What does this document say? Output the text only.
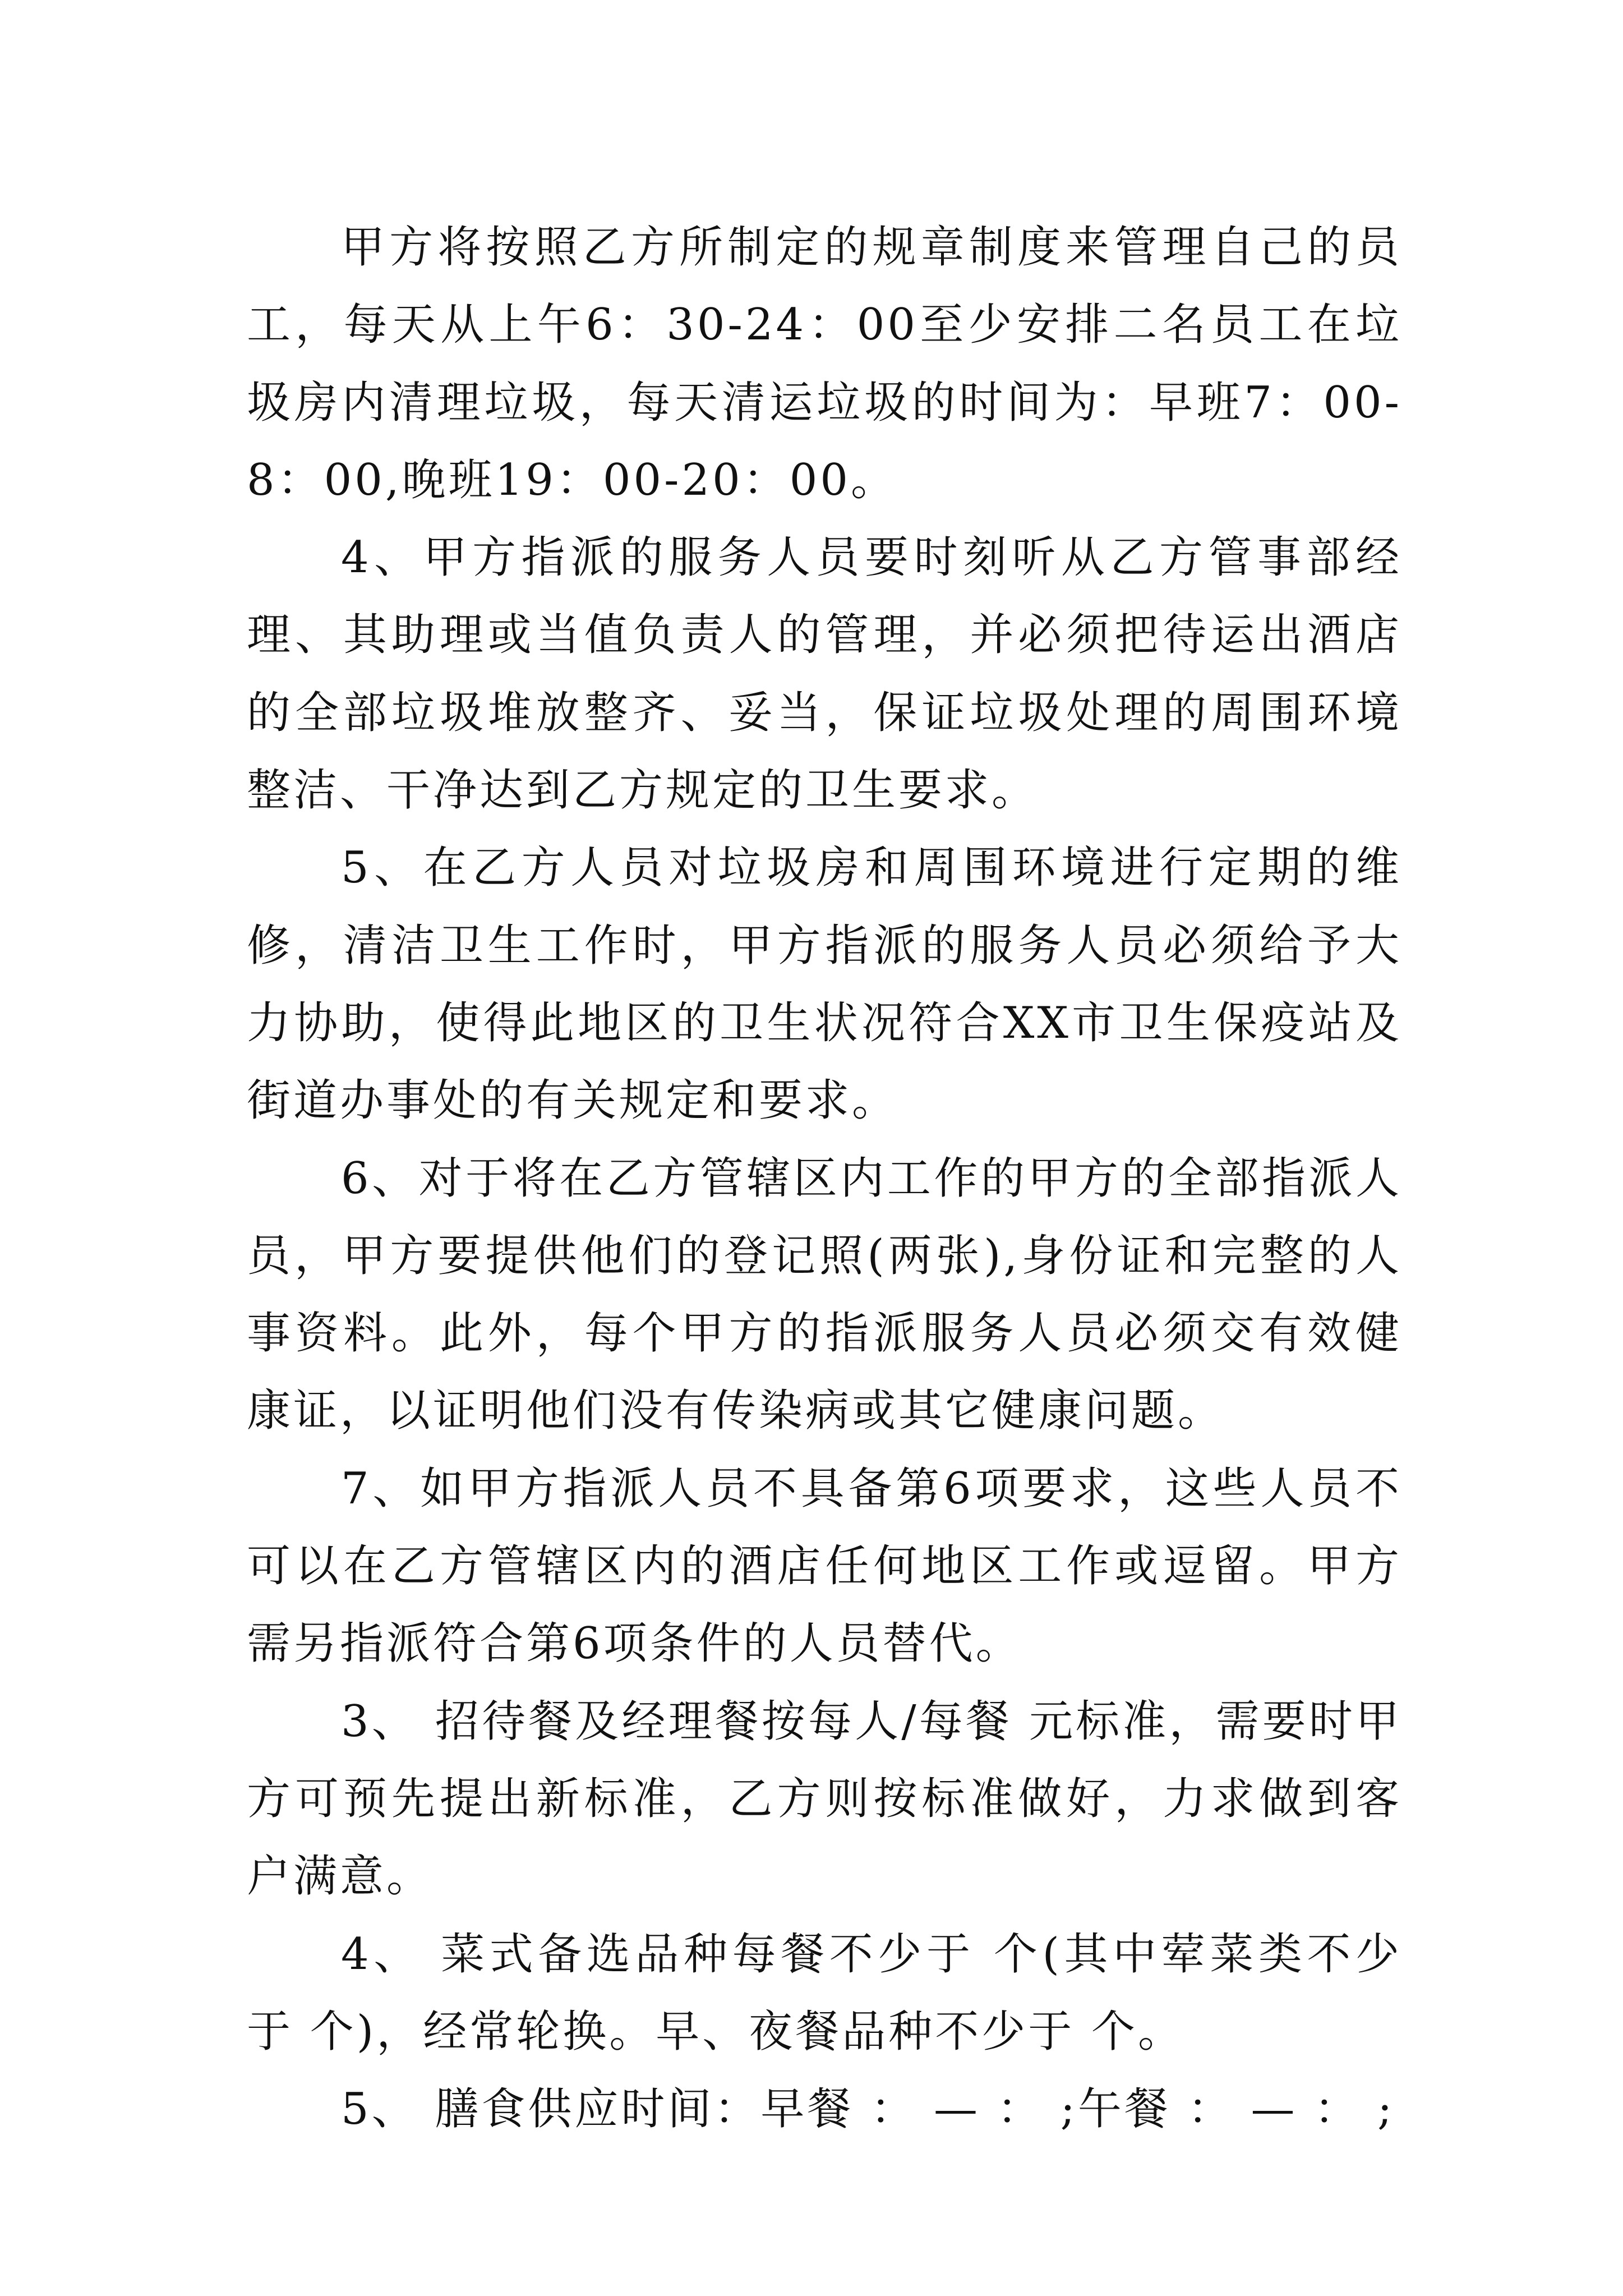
甲方将按照乙方所制定的规章制度来管理自己的员工，每天从上午6：30-24：00至少安排二名员工在垃圾房内清理垃圾，每天清运垃圾的时间为：早班7：00-8：00,晚班19：00-20：00。

4、甲方指派的服务人员要时刻听从乙方管事部经理、其助理或当值负责人的管理，并必须把待运出酒店的全部垃圾堆放整齐、妥当，保证垃圾处理的周围环境整洁、干净达到乙方规定的卫生要求。

5、在乙方人员对垃圾房和周围环境进行定期的维修，清洁卫生工作时，甲方指派的服务人员必须给予大力协助，使得此地区的卫生状况符合XX市卫生保疫站及街道办事处的有关规定和要求。

6、对于将在乙方管辖区内工作的甲方的全部指派人员，甲方要提供他们的登记照(两张),身份证和完整的人事资料。此外，每个甲方的指派服务人员必须交有效健康证，以证明他们没有传染病或其它健康问题。

7、如甲方指派人员不具备第6项要求，这些人员不可以在乙方管辖区内的酒店任何地区工作或逗留。甲方需另指派符合第6项条件的人员替代。

3、 招待餐及经理餐按每人/每餐 元标准，需要时甲方可预先提出新标准，乙方则按标准做好，力求做到客户满意。

4、 菜式备选品种每餐不少于 个(其中荤菜类不少于 个)，经常轮换。早、夜餐品种不少于 个。

5、 膳食供应时间：早餐 ： — ： ;午餐 ： — ： ;
